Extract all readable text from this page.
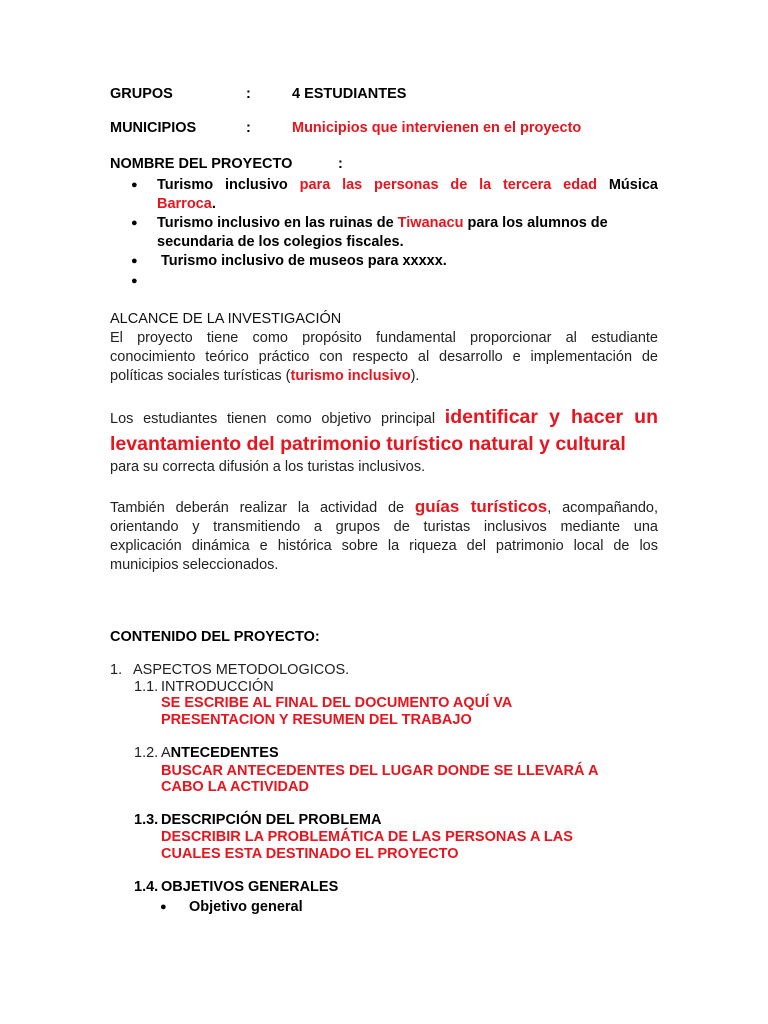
GRUPOS	:	4 ESTUDIANTES
MUNICIPIOS	:	Municipios que intervienen en el proyecto
NOMBRE DEL PROYECTO	:
● Turismo inclusivo para las personas de la tercera edad Música
Barroca.
● Turismo inclusivo en las ruinas de Tiwanacu para los alumnos de
secundaria de los colegios fiscales.
● Turismo inclusivo de museos para xxxxx.
●
ALCANCE DE LA INVESTIGACIÓN
El proyecto tiene como propósito fundamental proporcionar al estudiante
conocimiento teórico práctico con respecto al desarrollo e implementación de
políticas sociales turísticas (turismo inclusivo).
Los estudiantes tienen como objetivo principal identificar y hacer un
levantamiento del patrimonio turístico natural y cultural
para su correcta difusión a los turistas inclusivos.
También deberán realizar la actividad de guías turísticos, acompañando,
orientando y transmitiendo a grupos de turistas inclusivos mediante una
explicación dinámica e histórica sobre la riqueza del patrimonio local de los
municipios seleccionados.
CONTENIDO DEL PROYECTO:
1. ASPECTOS METODOLOGICOS.
1.1. INTRODUCCIÓN
SE ESCRIBE AL FINAL DEL DOCUMENTO AQUÍ VA
PRESENTACION Y RESUMEN DEL TRABAJO
1.2. ANTECEDENTES
BUSCAR ANTECEDENTES DEL LUGAR DONDE SE LLEVARÁ A
CABO LA ACTIVIDAD
1.3. DESCRIPCIÓN DEL PROBLEMA
DESCRIBIR LA PROBLEMÁTICA DE LAS PERSONAS A LAS
CUALES ESTA DESTINADO EL PROYECTO
1.4. OBJETIVOS GENERALES
● Objetivo general
